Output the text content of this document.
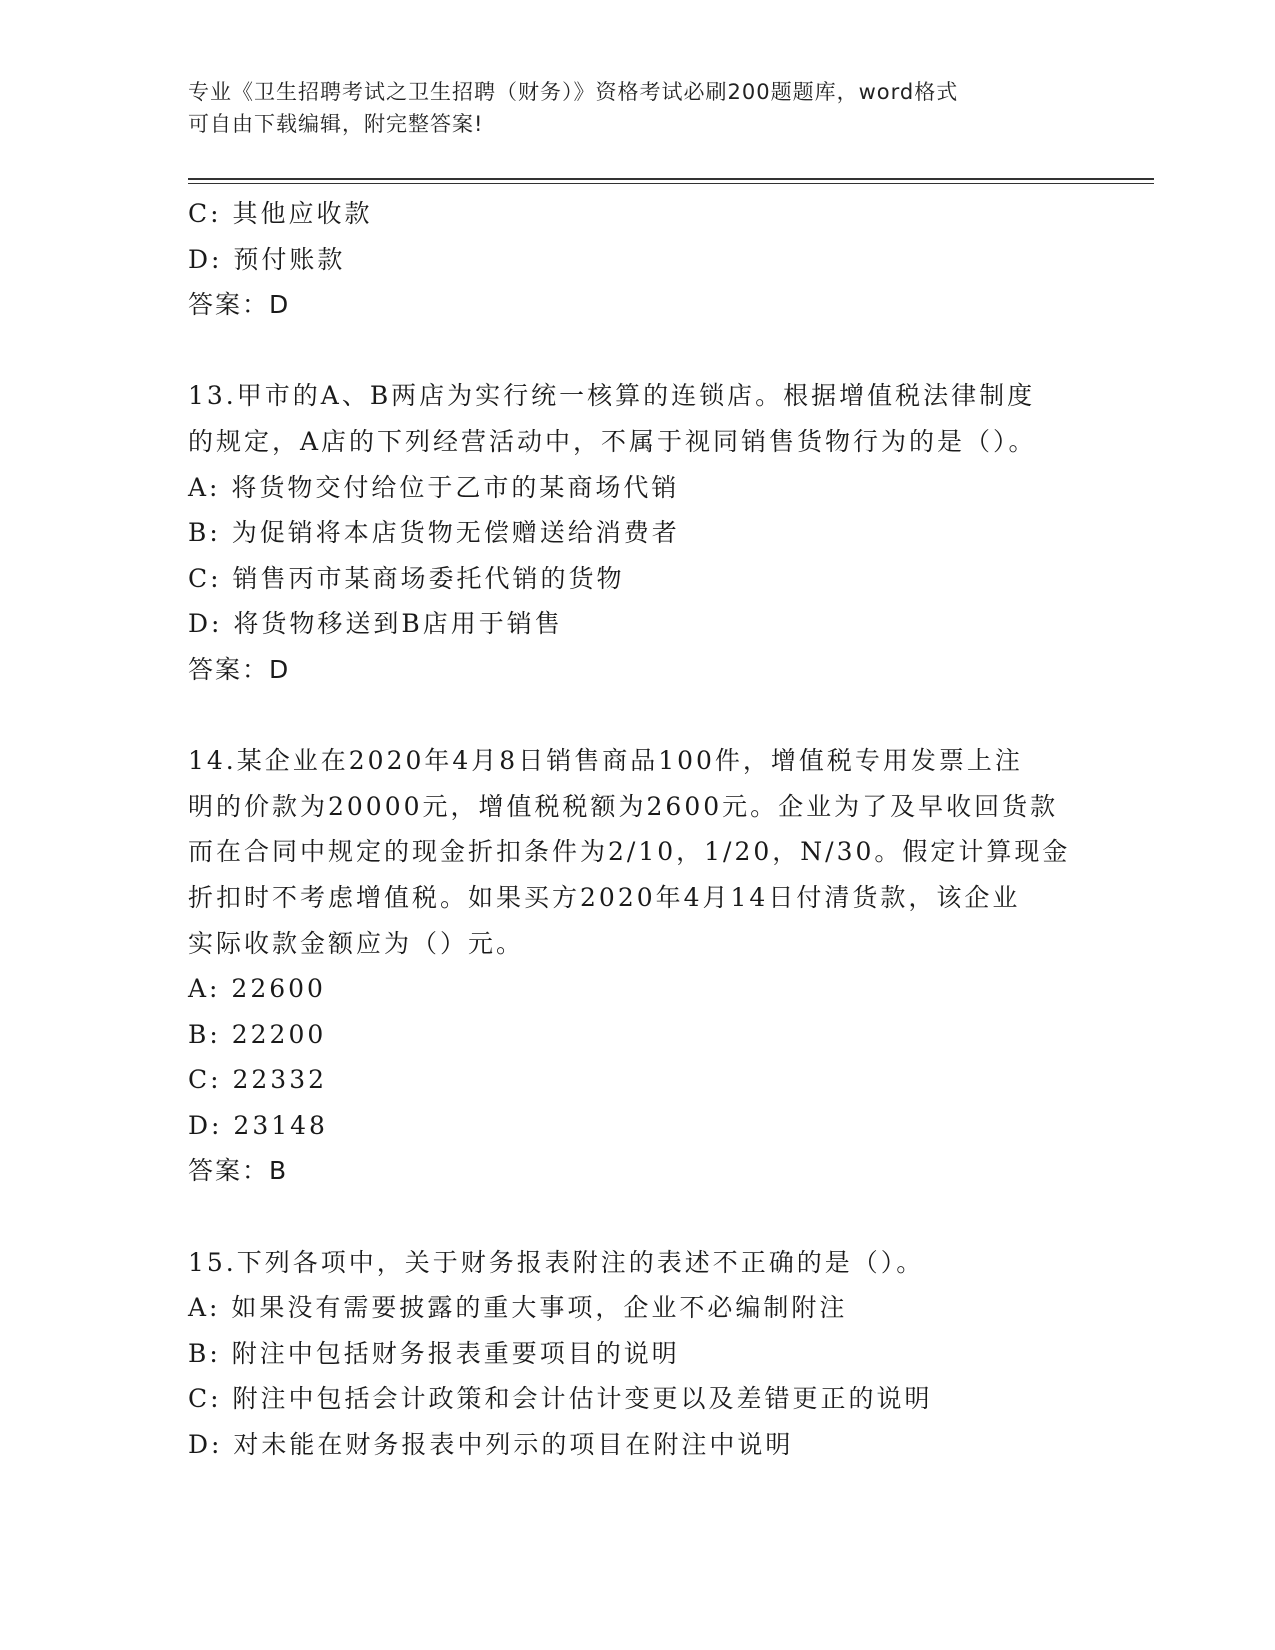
专业《卫生招聘考试之卫生招聘（财务）》资格考试必刷200题题库，word格式
可自由下载编辑，附完整答案!
C: 其他应收款
D: 预付账款
答案：D
13.甲市的A、B两店为实行统一核算的连锁店。根据增值税法律制度
的规定，A店的下列经营活动中，不属于视同销售货物行为的是（）。
A: 将货物交付给位于乙市的某商场代销
B: 为促销将本店货物无偿赠送给消费者
C: 销售丙市某商场委托代销的货物
D: 将货物移送到B店用于销售
答案：D
14.某企业在2020年4月8日销售商品100件，增值税专用发票上注
明的价款为20000元，增值税税额为2600元。企业为了及早收回货款
而在合同中规定的现金折扣条件为2/10，1/20，N/30。假定计算现金
折扣时不考虑增值税。如果买方2020年4月14日付清货款，该企业
实际收款金额应为（）元。
A: 22600
B: 22200
C: 22332
D: 23148
答案：B
15.下列各项中，关于财务报表附注的表述不正确的是（）。
A: 如果没有需要披露的重大事项，企业不必编制附注
B: 附注中包括财务报表重要项目的说明
C: 附注中包括会计政策和会计估计变更以及差错更正的说明
D: 对未能在财务报表中列示的项目在附注中说明
